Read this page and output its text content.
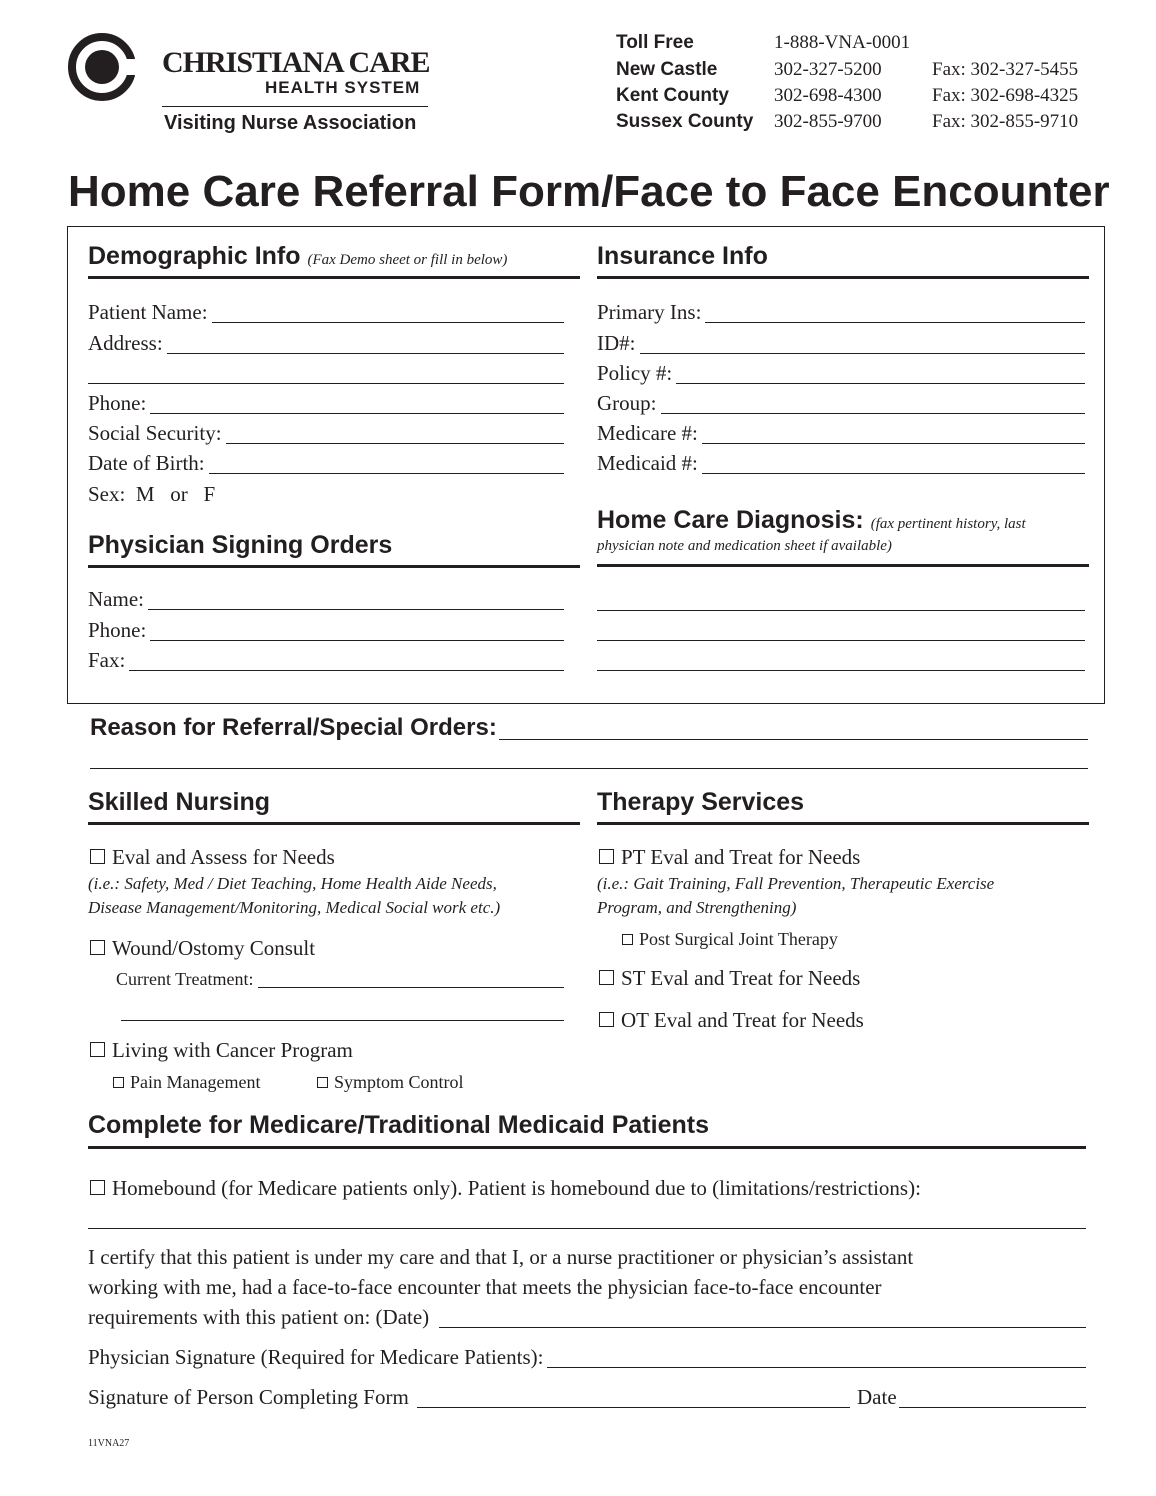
CHRISTIANA CARE
HEALTH SYSTEM
Visiting Nurse Association
Toll Free	1-888-VNA-0001
New Castle	302-327-5200	Fax: 302-327-5455
Kent County 302-698-4300	Fax: 302-698-4325
Sussex County 302-855-9700	Fax: 302-855-9710
Home Care Referral Form/Face to Face Encounter
Demographic Info (Fax Demo sheet or fill in below)
Patient Name:
Address:
Phone:
Social Security:
Date of Birth:
Sex:  M   or   F
Physician Signing Orders
Name:
Phone:
Fax:
Insurance Info
Primary Ins:
ID#:
Policy #:
Group:
Medicare #:
Medicaid #:
Home Care Diagnosis: (fax pertinent history, last
physician note and medication sheet if available)
Reason for Referral/Special Orders:
Skilled Nursing
Eval and Assess for Needs
(i.e.: Safety, Med / Diet Teaching, Home Health Aide Needs,
Disease Management/Monitoring, Medical Social work etc.)
Wound/Ostomy Consult
Current Treatment:
Living with Cancer Program
Pain Management	Symptom Control
Therapy Services
PT Eval and Treat for Needs
(i.e.: Gait Training, Fall Prevention, Therapeutic Exercise
Program, and Strengthening)
Post Surgical Joint Therapy
ST Eval and Treat for Needs
OT Eval and Treat for Needs
Complete for Medicare/Traditional Medicaid Patients
Homebound (for Medicare patients only). Patient is homebound due to (limitations/restrictions):
I certify that this patient is under my care and that I, or a nurse practitioner or physician’s assistant
working with me, had a face-to-face encounter that meets the physician face-to-face encounter
requirements with this patient on: (Date)
Physician Signature (Required for Medicare Patients):
Signature of Person Completing Form	Date
11VNA27
